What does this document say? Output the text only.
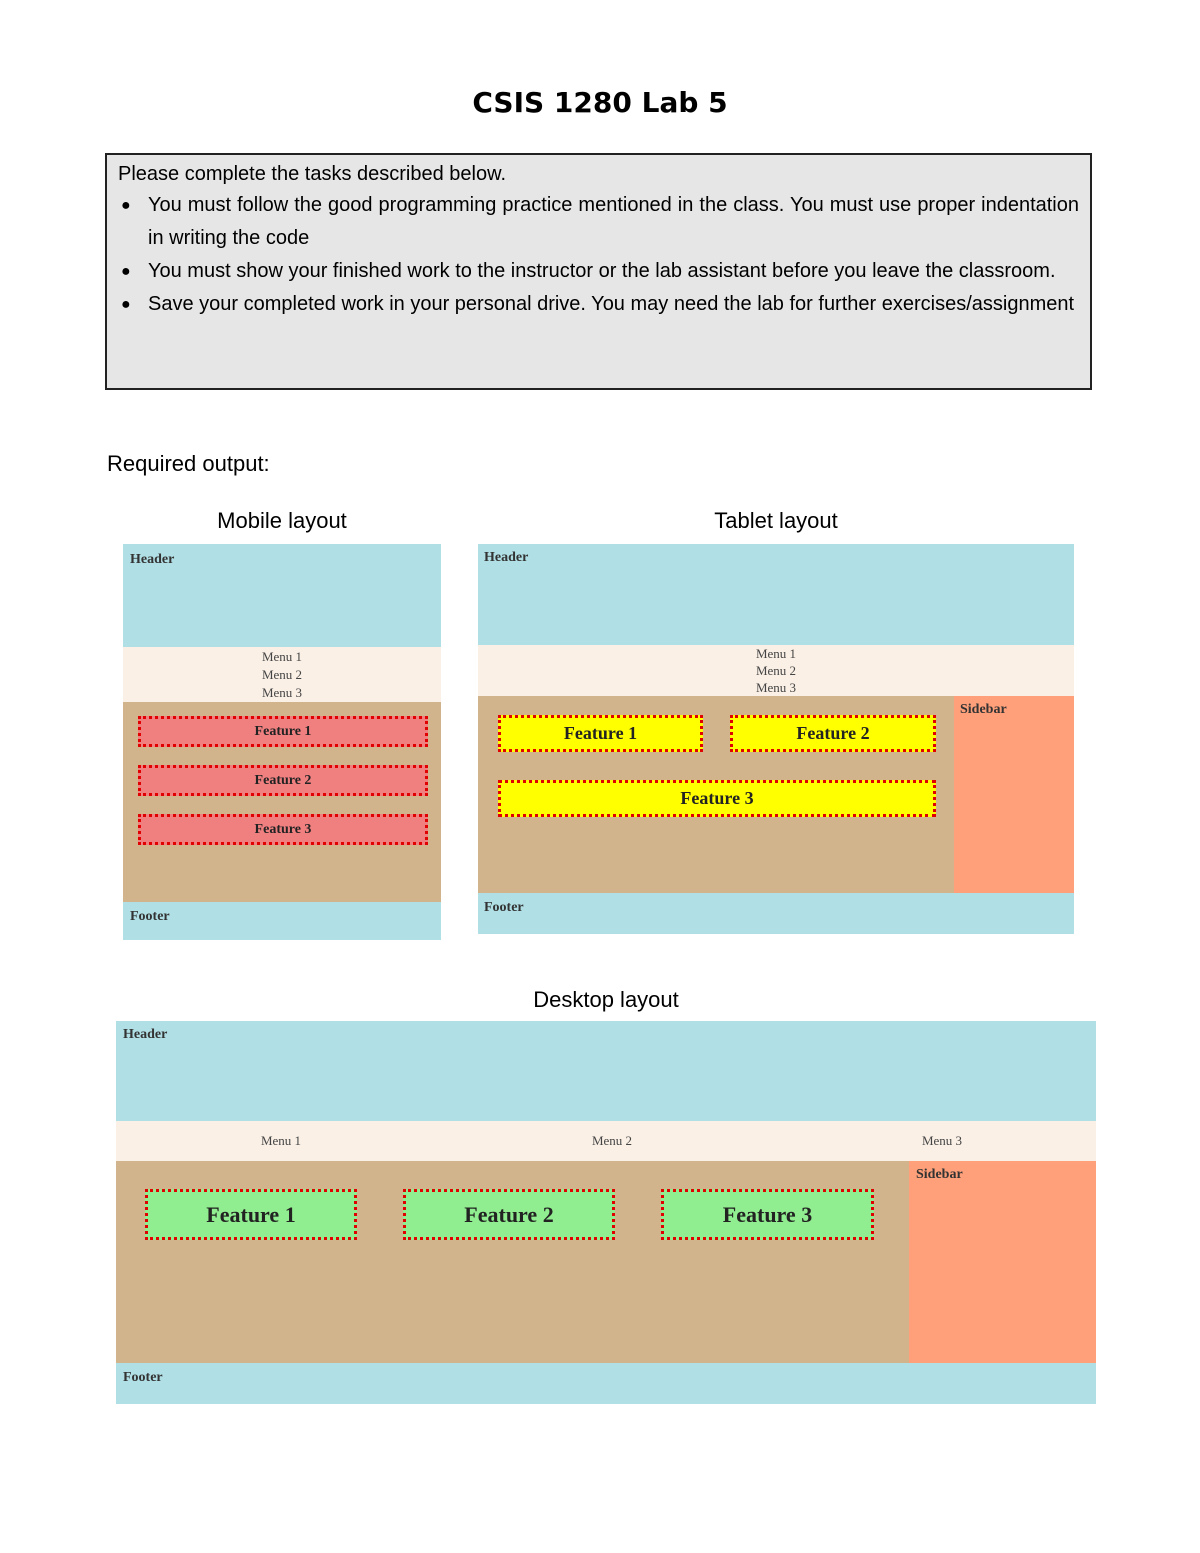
CSIS 1280 Lab 5
Please complete the tasks described below.
● You must follow the good programming practice mentioned in the class. You must use proper indentation in writing the code
● You must show your finished work to the instructor or the lab assistant before you leave the classroom.
● Save your completed work in your personal drive. You may need the lab for further exercises/assignment
Required output:
Mobile layout
Header
Menu 1
Menu 2
Menu 3
Feature 1
Feature 2
Feature 3
Footer
Tablet layout
Header
Menu 1
Menu 2
Menu 3
Feature 1	Feature 2
Feature 3
Sidebar
Footer
Desktop layout
Header
Menu 1	Menu 2	Menu 3
Feature 1	Feature 2	Feature 3
Sidebar
Footer
